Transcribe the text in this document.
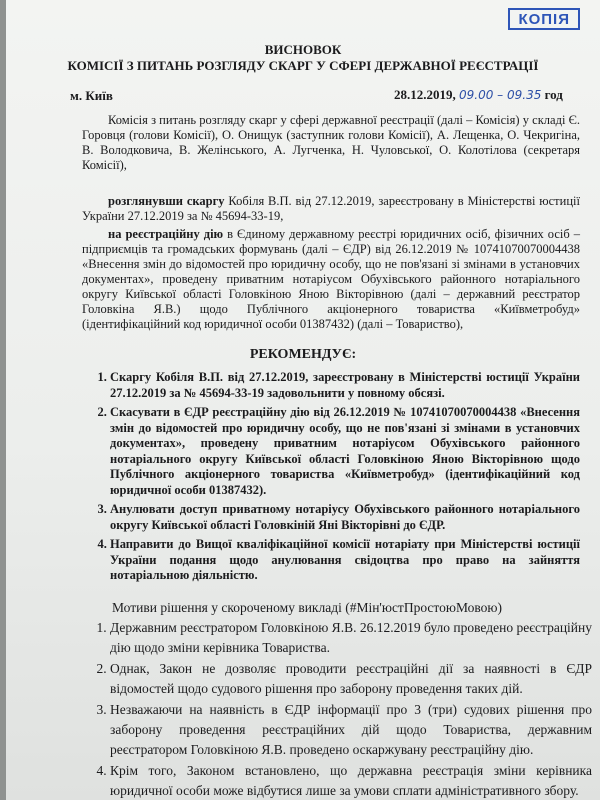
КОПІЯ
ВИСНОВОК
КОМІСІЇ З ПИТАНЬ РОЗГЛЯДУ СКАРГ У СФЕРІ ДЕРЖАВНОЇ РЕЄСТРАЦІЇ
м. Київ	28.12.2019, 09.00 – 09.35 год
Комісія з питань розгляду скарг у сфері державної реєстрації (далі – Комісія) у складі Є. Горовця (голови Комісії), О. Онищук (заступник голови Комісії), А. Лещенка, О. Чекригіна, В. Володковича, В. Желінського, А. Лугченка, Н. Чуловської, О. Колотілова (секретаря Комісії),
розглянувши скаргу Кобіля В.П. від 27.12.2019, зареєстровану в Міністерстві юстиції України 27.12.2019 за № 45694-33-19,
на реєстраційну дію в Єдиному державному реєстрі юридичних осіб, фізичних осіб – підприємців та громадських формувань (далі – ЄДР) від 26.12.2019 № 10741070070004438 «Внесення змін до відомостей про юридичну особу, що не пов'язані зі змінами в установчих документах», проведену приватним нотаріусом Обухівського районного нотаріального округу Київської області Головкіною Яною Вікторівною (далі – державний реєстратор Головкіна Я.В.) щодо Публічного акціонерного товариства «Київметробуд» (ідентифікаційний код юридичної особи 01387432) (далі – Товариство),
РЕКОМЕНДУЄ:
1. Скаргу Кобіля В.П. від 27.12.2019, зареєстровану в Міністерстві юстиції України 27.12.2019 за № 45694-33-19 задовольнити у повному обсязі.
2. Скасувати в ЄДР реєстраційну дію від 26.12.2019 № 10741070070004438 «Внесення змін до відомостей про юридичну особу, що не пов'язані зі змінами в установчих документах», проведену приватним нотаріусом Обухівського районного нотаріального округу Київської області Головкіною Яною Вікторівною щодо Публічного акціонерного товариства «Київметробуд» (ідентифікаційний код юридичної особи 01387432).
3. Анулювати доступ приватному нотаріусу Обухівського районного нотаріального округу Київської області Головкіній Яні Вікторівні до ЄДР.
4. Направити до Вищої кваліфікаційної комісії нотаріату при Міністерстві юстиції України подання щодо анулювання свідоцтва про право на зайняття нотаріальною діяльністю.
Мотиви рішення у скороченому викладі (#Мін'юстПростоюМовою)
1. Державним реєстратором Головкіною Я.В. 26.12.2019 було проведено реєстраційну дію щодо зміни керівника Товариства.
2. Однак, Закон не дозволяє проводити реєстраційні дії за наявності в ЄДР відомостей щодо судового рішення про заборону проведення таких дій.
3. Незважаючи на наявність в ЄДР інформації про 3 (три) судових рішення про заборону проведення реєстраційних дій щодо Товариства, державним реєстратором Головкіною Я.В. проведено оскаржувану реєстраційну дію.
4. Крім того, Законом встановлено, що державна реєстрація зміни керівника юридичної особи може відбутися лише за умови сплати адміністративного збору.
